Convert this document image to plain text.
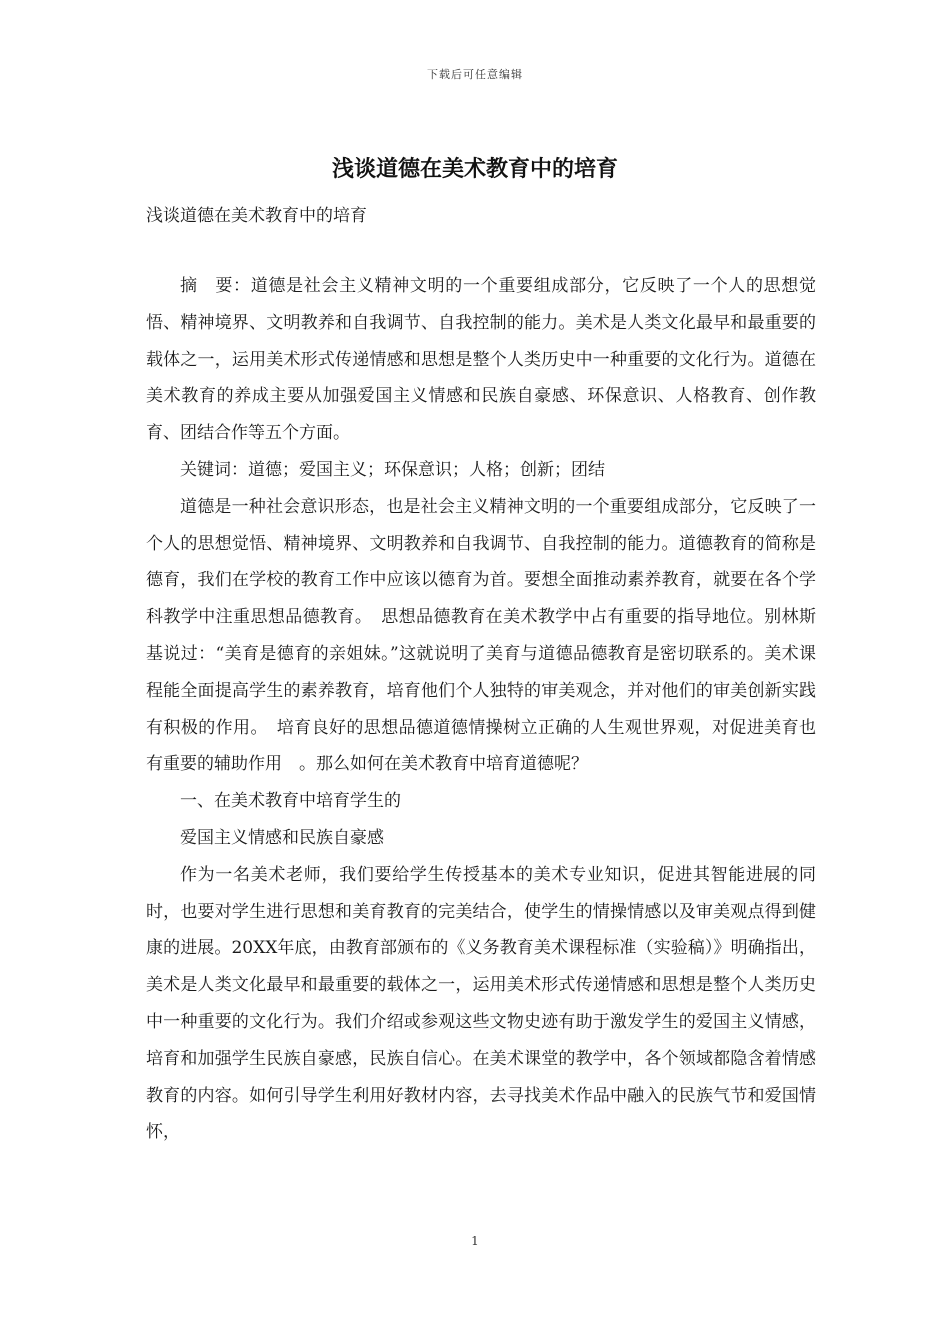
下载后可任意编辑
浅谈道德在美术教育中的培育
浅谈道德在美术教育中的培育

摘　要：道德是社会主义精神文明的一个重要组成部分，它反映了一个人的思想觉悟、精神境界、文明教养和自我调节、自我控制的能力。美术是人类文化最早和最重要的载体之一，运用美术形式传递情感和思想是整个人类历史中一种重要的文化行为。道德在美术教育的养成主要从加强爱国主义情感和民族自豪感、环保意识、人格教育、创作教育、团结合作等五个方面。

关键词：道德；爱国主义；环保意识；人格；创新；团结

道德是一种社会意识形态，也是社会主义精神文明的一个重要组成部分，它反映了一个人的思想觉悟、精神境界、文明教养和自我调节、自我控制的能力。道德教育的简称是德育，我们在学校的教育工作中应该以德育为首。要想全面推动素养教育，就要在各个学科教学中注重思想品德教育。　思想品德教育在美术教学中占有重要的指导地位。别林斯基说过：“美育是德育的亲姐妹。”这就说明了美育与道德品德教育是密切联系的。美术课程能全面提高学生的素养教育，培育他们个人独特的审美观念，并对他们的审美创新实践有积极的作用。　培育良好的思想品德道德情操树立正确的人生观世界观，对促进美育也有重要的辅助作用　。那么如何在美术教育中培育道德呢？

一、在美术教育中培育学生的

爱国主义情感和民族自豪感

作为一名美术老师，我们要给学生传授基本的美术专业知识，促进其智能进展的同时，也要对学生进行思想和美育教育的完美结合，使学生的情操情感以及审美观点得到健康的进展。20XX年底，由教育部颁布的《义务教育美术课程标准（实验稿）》明确指出，美术是人类文化最早和最重要的载体之一，运用美术形式传递情感和思想是整个人类历史中一种重要的文化行为。我们介绍或参观这些文物史迹有助于激发学生的爱国主义情感，培育和加强学生民族自豪感，民族自信心。在美术课堂的教学中，各个领域都隐含着情感教育的内容。如何引导学生利用好教材内容，去寻找美术作品中融入的民族气节和爱国情怀，

1
